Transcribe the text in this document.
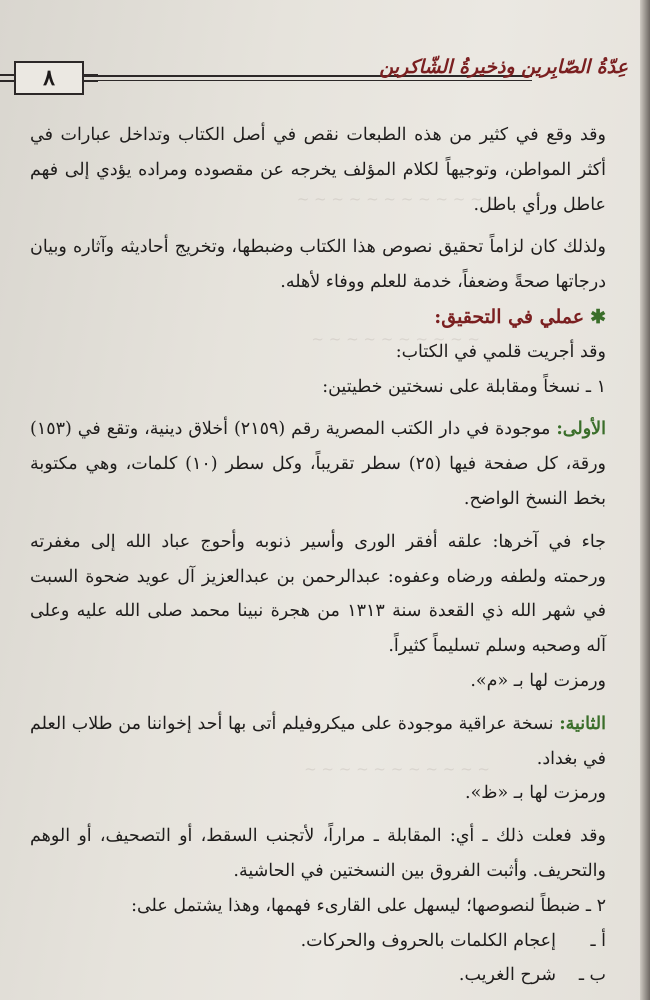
~ ~ ~ ~ ~ ~ ~ ~ ~ ~ ~ ~
~ ~ ~ ~ ~ ~ ~ ~ ~ ~
~ ~ ~ ~ ~ ~ ~ ~ ~ ~ ~
٨	عِدّةُ الصّابِرين وذخيرةُ الشّاكرين

وقد وقع في كثير من هذه الطبعات نقص في أصل الكتاب وتداخل عبارات في أكثر المواطن، وتوجيهاً لكلام المؤلف يخرجه عن مقصوده ومراده يؤدي إلى فهم عاطل ورأي باطل.

ولذلك كان لزاماً تحقيق نصوص هذا الكتاب وضبطها، وتخريج أحاديثه وآثاره وبيان درجاتها صحةً وضعفاً، خدمة للعلم ووفاء لأهله.

✱عملي في التحقيق:

وقد أجريت قلمي في الكتاب:

١ ـ نسخاً ومقابلة على نسختين خطيتين:

الأولى: موجودة في دار الكتب المصرية رقم (٢١٥٩) أخلاق دينية، وتقع في (١٥٣) ورقة، كل صفحة فيها (٢٥) سطر تقريباً، وكل سطر (١٠) كلمات، وهي مكتوبة بخط النسخ الواضح.

جاء في آخرها: علقه أفقر الورى وأسير ذنوبه وأحوج عباد الله إلى مغفرته ورحمته ولطفه ورضاه وعفوه: عبدالرحمن بن عبدالعزيز آل عويد ضحوة السبت في شهر الله ذي القعدة سنة ١٣١٣ من هجرة نبينا محمد صلى الله عليه وعلى آله وصحبه وسلم تسليماً كثيراً.

ورمزت لها بـ «م».

الثانية: نسخة عراقية موجودة على ميكروفيلم أتى بها أحد إخواننا من طلاب العلم في بغداد.

ورمزت لها بـ «ظ».

وقد فعلت ذلك ـ أي: المقابلة ـ مراراً، لأتجنب السقط، أو التصحيف، أو الوهم والتحريف. وأثبت الفروق بين النسختين في الحاشية.

٢ ـ ضبطاً لنصوصها؛ ليسهل على القارىء فهمها، وهذا يشتمل على:

أ ـ
إعجام الكلمات بالحروف والحركات.
ب ـ
شرح الغريب.
